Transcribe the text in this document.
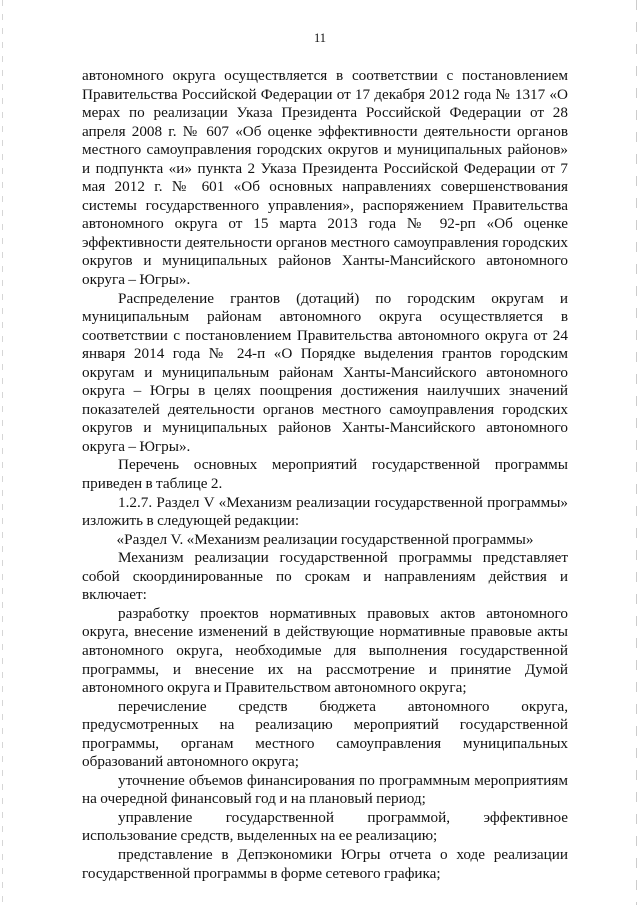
11

автономного округа осуществляется в соответствии с постановлением Правительства Российской Федерации от 17 декабря 2012 года № 1317 «О мерах по реализации Указа Президента Российской Федерации от 28 апреля 2008 г. № 607 «Об оценке эффективности деятельности органов местного самоуправления городских округов и муниципальных районов» и подпункта «и» пункта 2 Указа Президента Российской Федерации от 7 мая 2012 г. № 601 «Об основных направлениях совершенствования системы государственного управления», распоряжением Правительства автономного округа от 15 марта 2013 года № 92-рп «Об оценке эффективности деятельности органов местного самоуправления городских округов и муниципальных районов Ханты-Мансийского автономного округа – Югры».

Распределение грантов (дотаций) по городским округам и муниципальным районам автономного округа осуществляется в соответствии с постановлением Правительства автономного округа от 24 января 2014 года № 24-п «О Порядке выделения грантов городским округам и муниципальным районам Ханты-Мансийского автономного округа – Югры в целях поощрения достижения наилучших значений показателей деятельности органов местного самоуправления городских округов и муниципальных районов Ханты-Мансийского автономного округа – Югры».

Перечень основных мероприятий государственной программы приведен в таблице 2.

1.2.7. Раздел V «Механизм реализации государственной программы» изложить в следующей редакции:

«Раздел V. «Механизм реализации государственной программы»

Механизм реализации государственной программы представляет собой скоординированные по срокам и направлениям действия и включает:

разработку проектов нормативных правовых актов автономного округа, внесение изменений в действующие нормативные правовые акты автономного округа, необходимые для выполнения государственной программы, и внесение их на рассмотрение и принятие Думой автономного округа и Правительством автономного округа;

перечисление средств бюджета автономного округа, предусмотренных на реализацию мероприятий государственной программы, органам местного самоуправления муниципальных образований автономного округа;

уточнение объемов финансирования по программным мероприятиям на очередной финансовый год и на плановый период;

управление государственной программой, эффективное использование средств, выделенных на ее реализацию;

представление в Депэкономики Югры отчета о ходе реализации государственной программы в форме сетевого графика;
